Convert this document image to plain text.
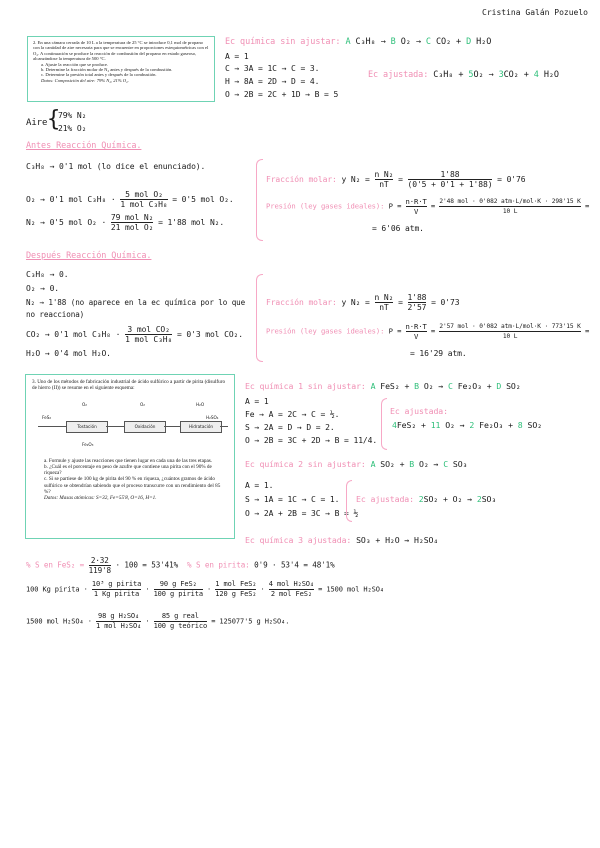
Cristina Galán Pozuelo
2. En una cámara cerrada de 10 L a la temperatura de 25 °C se introduce 0,1 mol de propano con la cantidad de aire necesaria para que se encuentre en proporciones estequiométricas con el O₂. A continuación se produce la reacción de combustión del propano en estado gaseoso, alcanzándose la temperatura de 500 °C.
a. Ajuste la reacción que se produce.
b. Determine la fracción molar de N₂ antes y después de la combustión.
c. Determine la presión total antes y después de la combustión.
Datos: Composición del aire: 79% N₂, 21% O₂.
Ec química sin ajustar: A C₃H₈ → B O₂ → C CO₂ + D H₂O
A = 1
C → 3A = 1C → C = 3.
H → 8A = 2D → D = 4.
O → 2B = 2C + 1D → B = 5
Ec ajustada: C₃H₈ + 5O₂ → 3CO₂ + 4 H₂O
Aire {
79% N₂
21% O₂
Antes Reacción Química.
C₃H₈ → 0'1 mol (lo dice el enunciado).
O₂ → 0'1 mol C₃H₈ ·
5 mol O₂
1 mol C₃H₈
= 0'5 mol O₂.
N₂ → 0'5 mol O₂ ·
79 mol N₂
21 mol O₂
= 1'88 mol N₂.
Fracción molar: y $N_2 = \frac{\text{n N₂}}{nT} = \frac{1'88}{(0'5 + 0'1 + 1'88)} = 0'76$
Presión (ley gases ideales): $P = \frac{n\cdot R\cdot T}{V} = 2'48$ mol · 0'082 atm·L/mol·K · 298'15 K
10 L
=
= 6'06 atm.
Después Reacción Química.
C₃H₈ → 0.
O₂ → 0.
N₂ → 1'88 (no aparece en la ec química por lo que no reacciona)
CO₂ → 0'1 mol C₃H₈ ·
3 mol CO₂
1 mol C₃H₈
= 0'3 mol CO₂.
H₂O → 0'4 mol H₂O.
Fracción molar: y $N_2 = \frac{\text{n N₂}}{nT} = \frac{1'88}{2'57} = 0'73$
Presión (ley gases ideales): $P = \frac{n\cdot R\cdot T}{V} = 2'57$ mol · 0'082 atm·L/mol·K · 773'15 K
10 L
=
= 16'29 atm.
3. Uno de los métodos de fabricación industrial de ácido sulfúrico a partir de pirita (disulfuro de hierro (II)) se resume en el siguiente esquema:
FeS₂
Tostación	Oxidación	Hidratación
H₂SO₄
O₂	O₂	H₂O
Fe₂O₃
a. Formule y ajuste las reacciones que tienen lugar en cada una de las tres etapas.
b. ¿Cuál es el porcentaje en peso de azufre que contiene una pirita con el 90% de riqueza?
c. Si se partiese de 100 kg de pirita del 90 % en riqueza, ¿cuántos gramos de ácido sulfúrico se obtendrían sabiendo que el proceso transcurre con un rendimiento del 85 %?
Datos: Masas atómicas: S=32, Fe=55'8, O=16, H=1.
Ec química 1 sin ajustar: A FeS₂ + B O₂ → C Fe₂O₃ + D SO₂
A = 1
Fe → A = 2C → C = ½.
S → 2A = D → D = 2.
O → 2B = 3C + 2D → B = 11/4.
Ec ajustada:
4FeS₂ + 11 O₂ → 2 Fe₂O₃ + 8 SO₂
Ec química 2 sin ajustar: A SO₂ + B O₂ → C SO₃
A = 1.
S → 1A = 1C → C = 1.
O → 2A + 2B = 3C → B = ½
Ec ajustada: 2SO₂ + O₂ → 2SO₃
Ec química 3 ajustada: SO₃ + H₂O → H₂SO₄
% S en $FeS_2 = \frac{2\cdot 32}{119'8} \cdot 100 = 53'41\%$ % S en pirita: 0'9 · 53'4 = 48'1%
100 Kg pirita ·
10³ g pirita
1 Kg pirita
·
90 g FeS₂
100 g pirita
·
1 mol FeS₂
120 g FeS₂
·
4 mol H₂SO₄
2 mol FeS₂
= 1500 mol H₂SO₄
1500 mol H₂SO₄ ·
98 g H₂SO₄
1 mol H₂SO₄
·
85 g real
100 g teórico
= 125077'5 g H₂SO₄.
